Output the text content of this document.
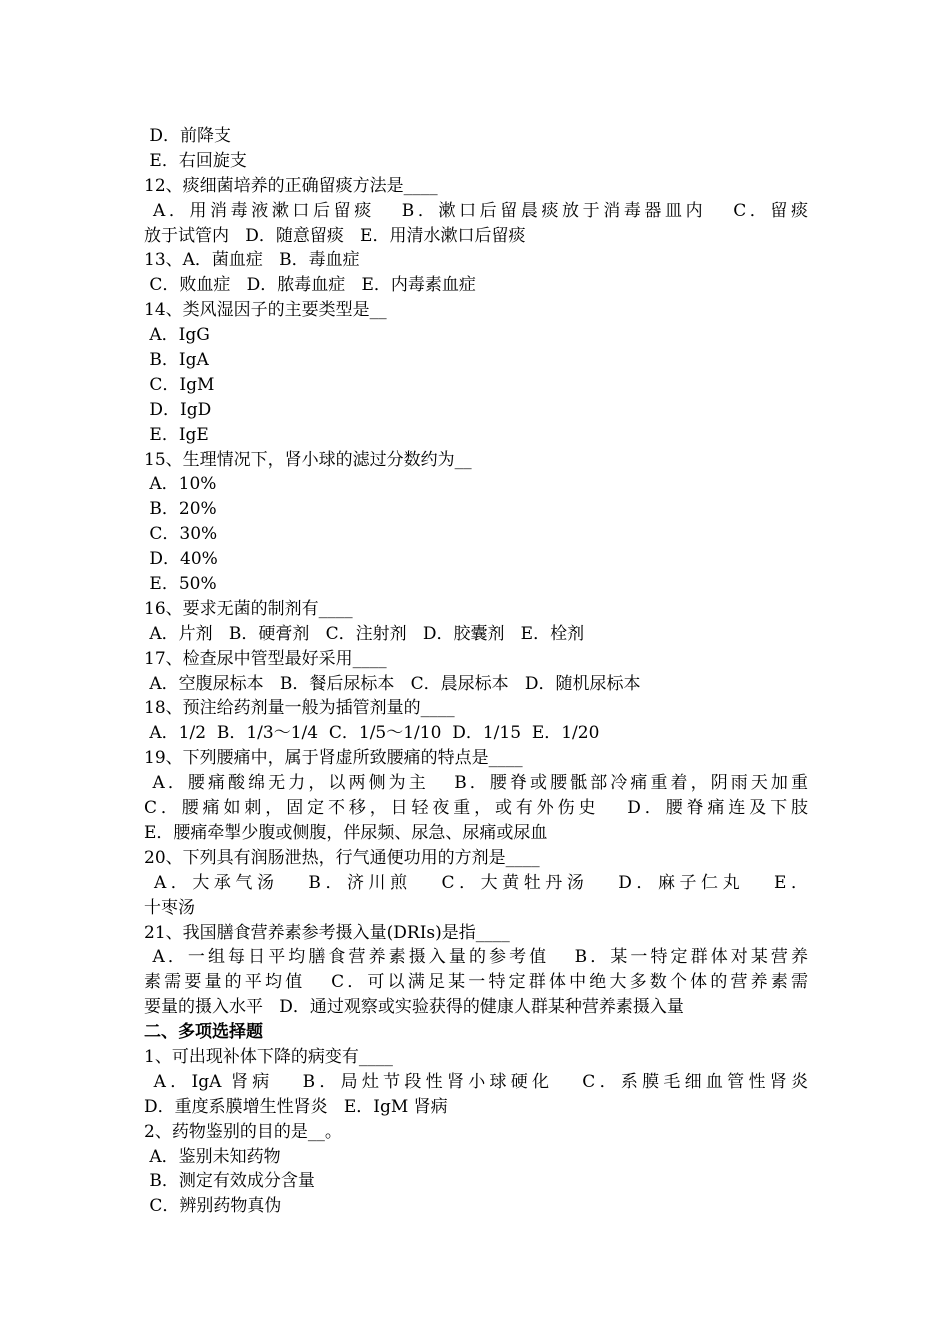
D．前降支
E．右回旋支
12、痰细菌培养的正确留痰方法是____
A．用消毒液漱口后留痰   B．漱口后留晨痰放于消毒器皿内   C．留痰
放于试管内   D．随意留痰   E．用清水漱口后留痰
13、A．菌血症   B．毒血症
C．败血症   D．脓毒血症   E．内毒素血症
14、类风湿因子的主要类型是__
A．IgG
B．IgA
C．IgM
D．IgD
E．IgE
15、生理情况下，肾小球的滤过分数约为__
A．10%
B．20%
C．30%
D．40%
E．50%
16、要求无菌的制剂有____
A．片剂   B．硬膏剂   C．注射剂   D．胶囊剂   E．栓剂
17、检查尿中管型最好采用____
A．空腹尿标本   B．餐后尿标本   C．晨尿标本   D．随机尿标本
18、预注给药剂量一般为插管剂量的____
A．1/2  B．1/3～1/4  C．1/5～1/10  D．1/15  E．1/20
19、下列腰痛中，属于肾虚所致腰痛的特点是____
A．腰痛酸绵无力，以两侧为主   B．腰脊或腰骶部冷痛重着，阴雨天加重
C．腰痛如刺，固定不移，日轻夜重，或有外伤史   D．腰脊痛连及下肢
E．腰痛牵掣少腹或侧腹，伴尿频、尿急、尿痛或尿血
20、下列具有润肠泄热，行气通便功用的方剂是____
A．大承气汤   B．济川煎   C．大黄牡丹汤   D．麻子仁丸   E．
十枣汤
21、我国膳食营养素参考摄入量(DRIs)是指____
A．一组每日平均膳食营养素摄入量的参考值   B．某一特定群体对某营养
素需要量的平均值   C．可以满足某一特定群体中绝大多数个体的营养素需
要量的摄入水平   D．通过观察或实验获得的健康人群某种营养素摄入量
二、多项选择题
1、可出现补体下降的病变有____
A．IgA 肾病   B．局灶节段性肾小球硬化   C．系膜毛细血管性肾炎
D．重度系膜增生性肾炎   E．IgM 肾病
2、药物鉴别的目的是__。
A．鉴别未知药物
B．测定有效成分含量
C．辨别药物真伪
